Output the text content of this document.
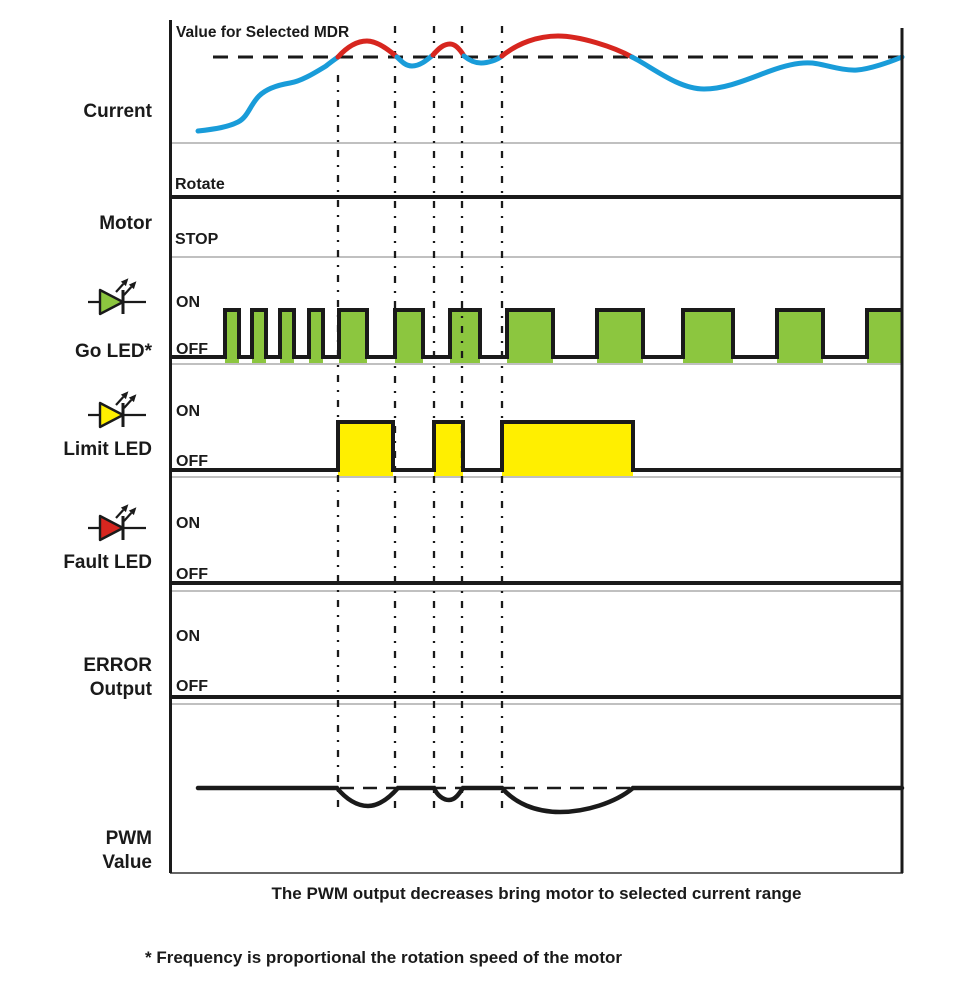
Current
Motor
Go LED*
Limit LED
Fault LED
ERROR
Output
PWM
Value
Value for Selected MDR
Rotate
STOP
ON
OFF
ON
OFF
ON
OFF
ON
OFF
The PWM output decreases bring motor to selected current range
* Frequency is proportional the rotation speed of the motor
